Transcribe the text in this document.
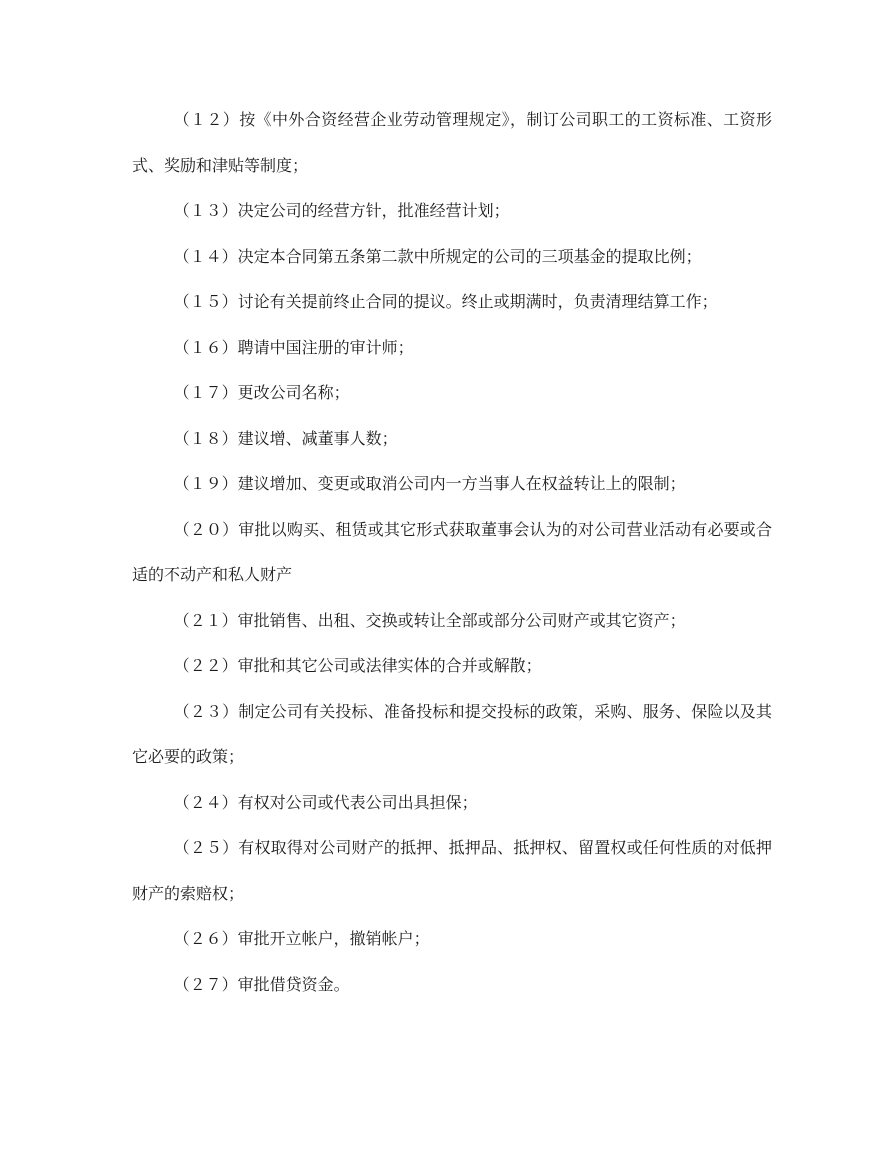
（１２）按《中外合资经营企业劳动管理规定》，制订公司职工的工资标准、工资形式、奖励和津贴等制度；

（１３）决定公司的经营方针，批准经营计划；

（１４）决定本合同第五条第二款中所规定的公司的三项基金的提取比例；

（１５）讨论有关提前终止合同的提议。终止或期满时，负责清理结算工作；

（１６）聘请中国注册的审计师；

（１７）更改公司名称；

（１８）建议增、减董事人数；

（１９）建议增加、变更或取消公司内一方当事人在权益转让上的限制；

（２０）审批以购买、租赁或其它形式获取董事会认为的对公司营业活动有必要或合适的不动产和私人财产

（２１）审批销售、出租、交换或转让全部或部分公司财产或其它资产；

（２２）审批和其它公司或法律实体的合并或解散；

（２３）制定公司有关投标、准备投标和提交投标的政策，采购、服务、保险以及其它必要的政策；

（２４）有权对公司或代表公司出具担保；

（２５）有权取得对公司财产的抵押、抵押品、抵押权、留置权或任何性质的对低押财产的索赔权；

（２６）审批开立帐户，撤销帐户；

（２７）审批借贷资金。
